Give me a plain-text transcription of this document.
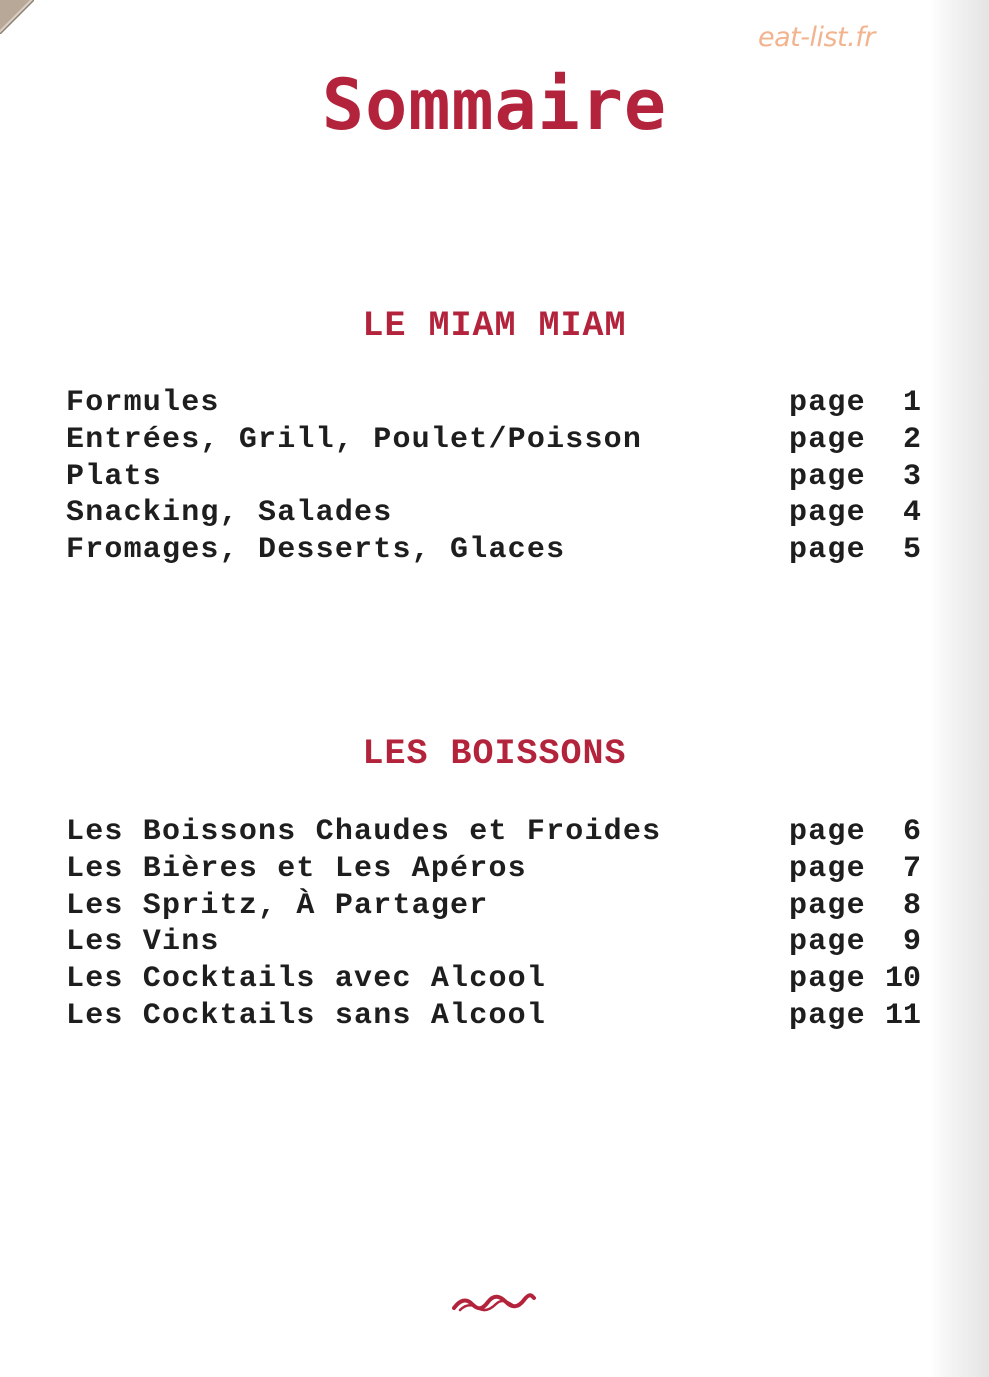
eat-list.fr
Sommaire
LE MIAM MIAM
Formules	page	1
Entrées, Grill, Poulet/Poisson	page	2
Plats	page	3
Snacking, Salades	page	4
Fromages, Desserts, Glaces	page	5
LES BOISSONS
Les Boissons Chaudes et Froides	page	6
Les Bières et Les Apéros	page	7
Les Spritz, À Partager	page	8
Les Vins	page	9
Les Cocktails avec Alcool	page 10
Les Cocktails sans Alcool	page 11
